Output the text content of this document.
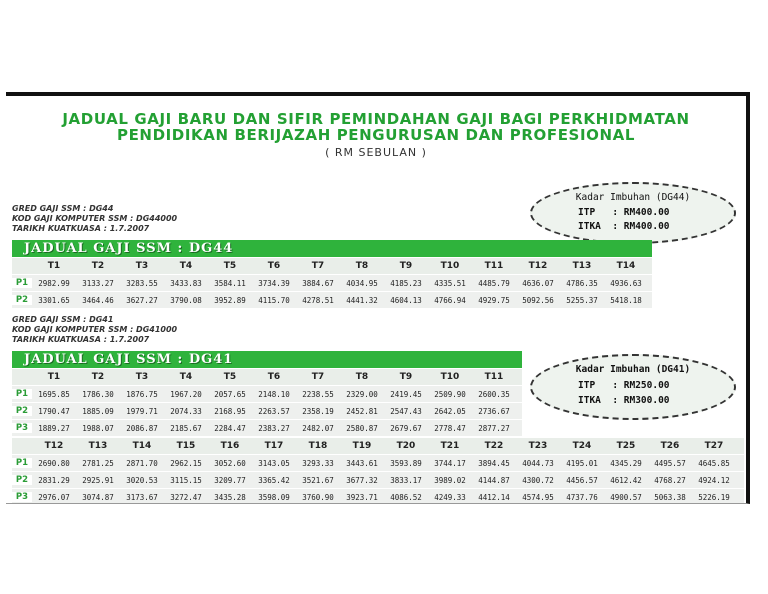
JADUAL GAJI BARU DAN SIFIR PEMINDAHAN GAJI BAGI PERKHIDMATAN
PENDIDIKAN BERIJAZAH PENGURUSAN DAN PROFESIONAL
( RM SEBULAN )
GRED GAJI SSM : DG44
KOD GAJI KOMPUTER SSM : DG44000
TARIKH KUATKUASA : 1.7.2007
Kadar Imbuhan (DG44)
ITP   : RM400.00
ITKA  : RM400.00
JADUAL GAJI SSM : DG44
T1	T2	T3	T4	T5	T6	T7	T8	T9	T10	T11	T12	T13	T14
P1	2982.99	3133.27	3283.55	3433.83	3584.11	3734.39	3884.67	4034.95	4185.23	4335.51	4485.79	4636.07	4786.35	4936.63
P2	3301.65	3464.46	3627.27	3790.08	3952.89	4115.70	4278.51	4441.32	4604.13	4766.94	4929.75	5092.56	5255.37	5418.18
GRED GAJI SSM : DG41
KOD GAJI KOMPUTER SSM : DG41000
TARIKH KUATKUASA : 1.7.2007
JADUAL GAJI SSM : DG41
T1	T2	T3	T4	T5	T6	T7	T8	T9	T10	T11
P1	1695.85	1786.30	1876.75	1967.20	2057.65	2148.10	2238.55	2329.00	2419.45	2509.90	2600.35
P2	1790.47	1885.09	1979.71	2074.33	2168.95	2263.57	2358.19	2452.81	2547.43	2642.05	2736.67
P3	1889.27	1988.07	2086.87	2185.67	2284.47	2383.27	2482.07	2580.87	2679.67	2778.47	2877.27
Kadar Imbuhan (DG41)
ITP   : RM250.00
ITKA  : RM300.00
T12	T13	T14	T15	T16	T17	T18	T19	T20	T21	T22	T23	T24	T25	T26	T27
P1	2690.80	2781.25	2871.70	2962.15	3052.60	3143.05	3293.33	3443.61	3593.89	3744.17	3894.45	4044.73	4195.01	4345.29	4495.57	4645.85
P2	2831.29	2925.91	3020.53	3115.15	3209.77	3365.42	3521.67	3677.32	3833.17	3989.02	4144.87	4300.72	4456.57	4612.42	4768.27	4924.12
P3	2976.07	3074.87	3173.67	3272.47	3435.28	3598.09	3760.90	3923.71	4086.52	4249.33	4412.14	4574.95	4737.76	4900.57	5063.38	5226.19
